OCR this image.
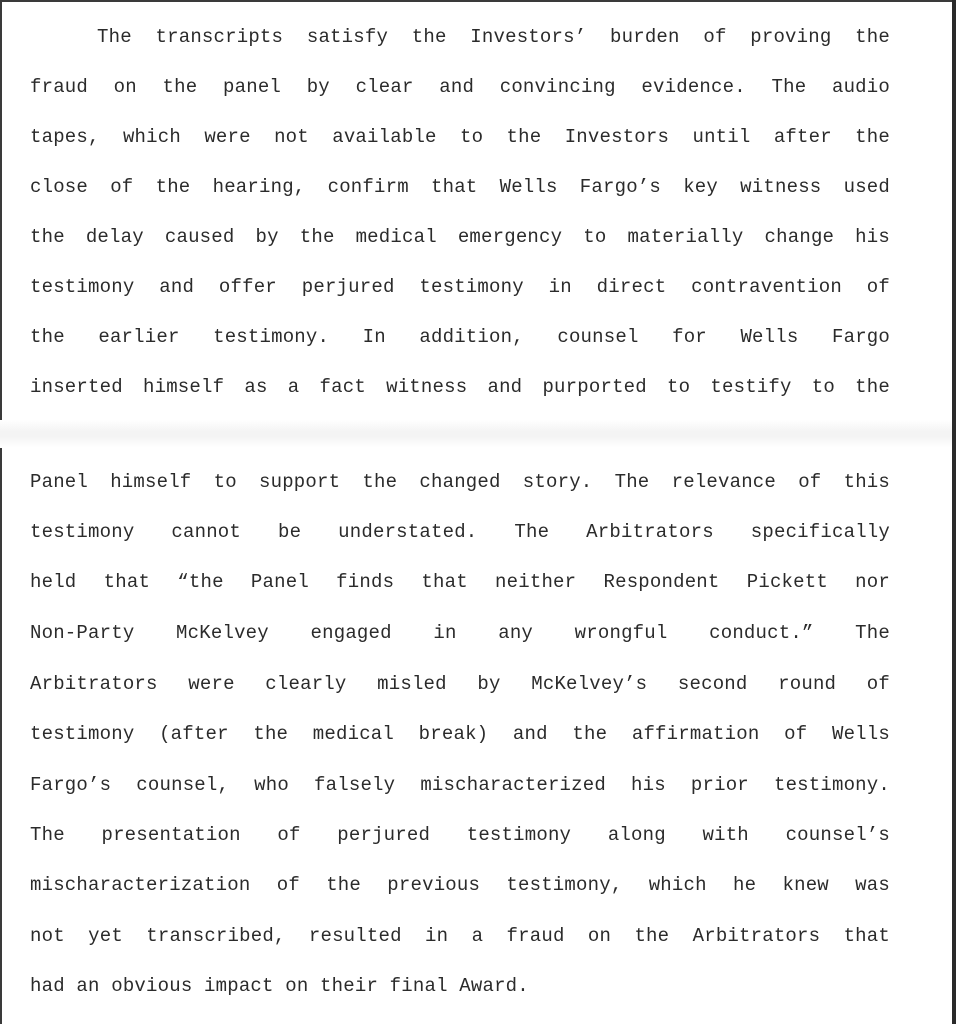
The transcripts satisfy the Investors’ burden of proving the

fraud on the panel by clear and convincing evidence. The audio

tapes, which were not available to the Investors until after the

close of the hearing, confirm that Wells Fargo’s key witness used

the delay caused by the medical emergency to materially change his

testimony and offer perjured testimony in direct contravention of

the earlier testimony. In addition, counsel for Wells Fargo

inserted himself as a fact witness and purported to testify to the

Panel himself to support the changed story. The relevance of this

testimony cannot be understated. The Arbitrators specifically

held that “the Panel finds that neither Respondent Pickett nor

Non-Party McKelvey engaged in any wrongful conduct.” The

Arbitrators were clearly misled by McKelvey’s second round of

testimony (after the medical break) and the affirmation of Wells

Fargo’s counsel, who falsely mischaracterized his prior testimony.

The presentation of perjured testimony along with counsel’s

mischaracterization of the previous testimony, which he knew was

not yet transcribed, resulted in a fraud on the Arbitrators that

had an obvious impact on their final Award.
